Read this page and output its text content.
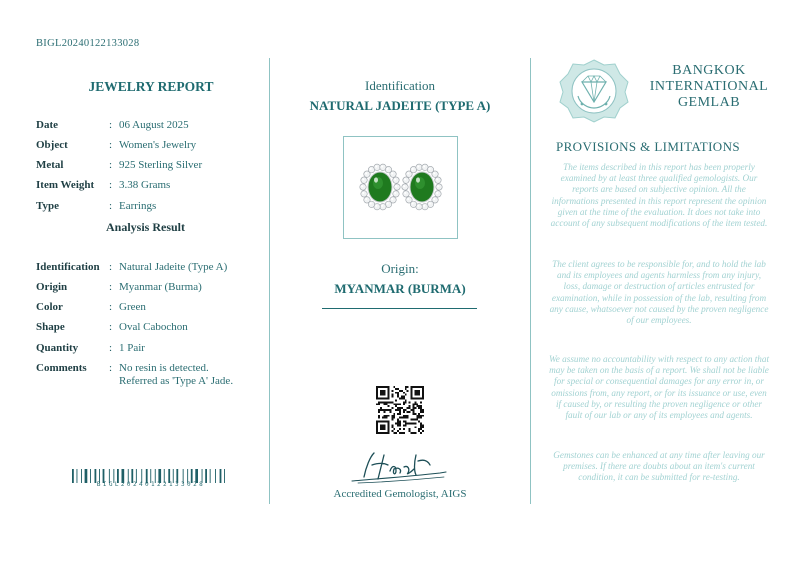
BIGL20240122133028
JEWELRY REPORT
Date	: 06 August 2025
Object	: Women's Jewelry
Metal	: 925 Sterling Silver
Item Weight : 3.38 Grams
Type	: Earrings
Analysis Result
Identification : Natural Jadeite (Type A)
Origin	: Myanmar (Burma)
Color	: Green
Shape	: Oval Cabochon
Quantity	: 1 Pair
Comments : No resin is detected.
Referred as 'Type A' Jade.
BIGL20240122133028
Identification
NATURAL JADEITE (TYPE A)
Origin:
MYANMAR (BURMA)
Accredited Gemologist, AIGS
BANGKOK
INTERNATIONAL
GEMLAB
PROVISIONS & LIMITATIONS
The items described in this report has been properly examined by at least three qualified gemologists. Our reports are based on subjective opinion. All the informations presented in this report represent the opinion given at the time of the evaluation. It does not take into account of any subsequent modifications of the item tested.
The client agrees to be responsible for, and to hold the lab and its employees and agents harmless from any injury, loss, damage or destruction of articles entrusted for examination, while in possession of the lab, resulting from any cause, whatsoever not caused by the proven negligence of our employees.
We assume no accountability with respect to any action that may be taken on the basis of a report. We shall not be liable for special or consequential damages for any error in, or omissions from, any report, or for its issuance or use, even if caused by, or resulting the proven negligence or other fault of our lab or any of its employees and agents.
Gemstones can be enhanced at any time after leaving our premises. If there are doubts about an item's current condition, it can be submitted for re-testing.
